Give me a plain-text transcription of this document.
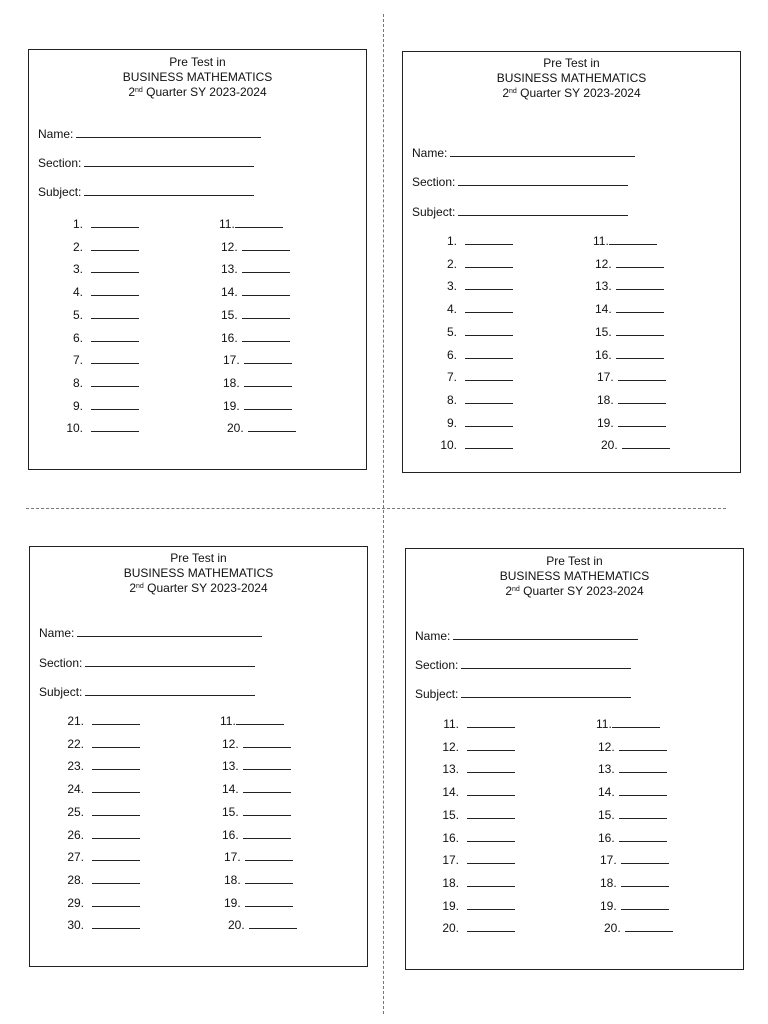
Pre Test in
BUSINESS MATHEMATICS
2nd Quarter SY 2023-2024
Name:
Section:
Subject:
1.	11.
2.	12.
3.	13.
4.	14.
5.	15.
6.	16.
7.	17.
8.	18.
9.	19.
10.	20.
Pre Test in
BUSINESS MATHEMATICS
2nd Quarter SY 2023-2024
Name:
Section:
Subject:
1.	11.
2.	12.
3.	13.
4.	14.
5.	15.
6.	16.
7.	17.
8.	18.
9.	19.
10.	20.
Pre Test in
BUSINESS MATHEMATICS
2nd Quarter SY 2023-2024
Name:
Section:
Subject:
21.	11.
22.	12.
23.	13.
24.	14.
25.	15.
26.	16.
27.	17.
28.	18.
29.	19.
30.	20.
Pre Test in
BUSINESS MATHEMATICS
2nd Quarter SY 2023-2024
Name:
Section:
Subject:
11.	11.
12.	12.
13.	13.
14.	14.
15.	15.
16.	16.
17.	17.
18.	18.
19.	19.
20.	20.
